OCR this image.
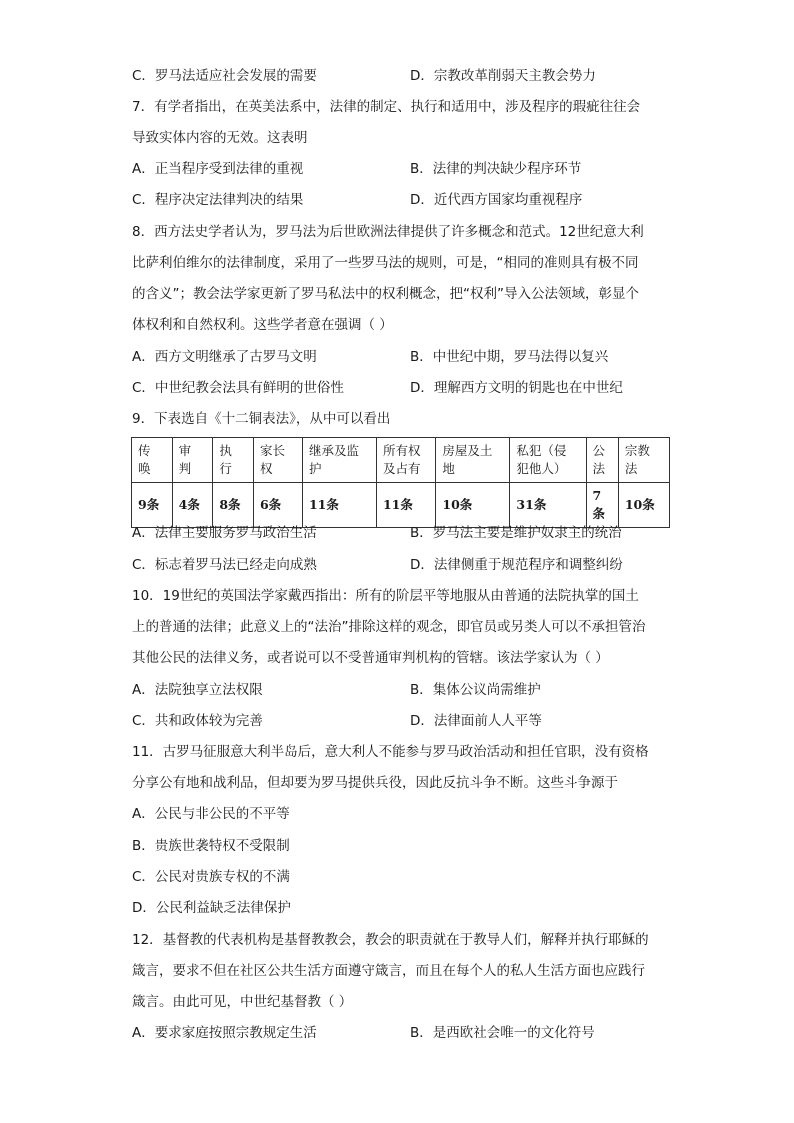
C．罗马法适应社会发展的需要	D．宗教改革削弱天主教会势力
7．有学者指出，在英美法系中，法律的制定、执行和适用中，涉及程序的瑕疵往往会
导致实体内容的无效。这表明
A．正当程序受到法律的重视	B．法律的判决缺少程序环节
C．程序决定法律判决的结果	D．近代西方国家均重视程序
8．西方法史学者认为，罗马法为后世欧洲法律提供了许多概念和范式。12世纪意大利
比萨利伯维尔的法律制度，采用了一些罗马法的规则，可是，“相同的准则具有极不同
的含义”；教会法学家更新了罗马私法中的权利概念，把“权利”导入公法领域，彰显个
体权利和自然权利。这些学者意在强调（ ）
A．西方文明继承了古罗马文明	B．中世纪中期，罗马法得以复兴
C．中世纪教会法具有鲜明的世俗性	D．理解西方文明的钥匙也在中世纪
9．下表选自《十二铜表法》，从中可以看出
传
唤	审
判	执
行	家长
权	继承及监
护	所有权
及占有	房屋及土
地	私犯（侵
犯他人）	公
法	宗教
法
9条	4条	8条	6条	11条	11条	10条	31条	7条	10条
A．法律主要服务罗马政治生活	B．罗马法主要是维护奴隶主的统治
C．标志着罗马法已经走向成熟	D．法律侧重于规范程序和调整纠纷
10．19世纪的英国法学家戴西指出：所有的阶层平等地服从由普通的法院执掌的国土
上的普通的法律；此意义上的“法治”排除这样的观念，即官员或另类人可以不承担管治
其他公民的法律义务，或者说可以不受普通审判机构的管辖。该法学家认为（ ）
A．法院独享立法权限	B．集体公议尚需维护
C．共和政体较为完善	D．法律面前人人平等
11．古罗马征服意大利半岛后，意大利人不能参与罗马政治活动和担任官职，没有资格
分享公有地和战利品，但却要为罗马提供兵役，因此反抗斗争不断。这些斗争源于
A．公民与非公民的不平等
B．贵族世袭特权不受限制
C．公民对贵族专权的不满
D．公民利益缺乏法律保护
12．基督教的代表机构是基督教教会，教会的职责就在于教导人们，解释并执行耶稣的
箴言，要求不但在社区公共生活方面遵守箴言，而且在每个人的私人生活方面也应践行
箴言。由此可见，中世纪基督教（ ）
A．要求家庭按照宗教规定生活	B．是西欧社会唯一的文化符号
